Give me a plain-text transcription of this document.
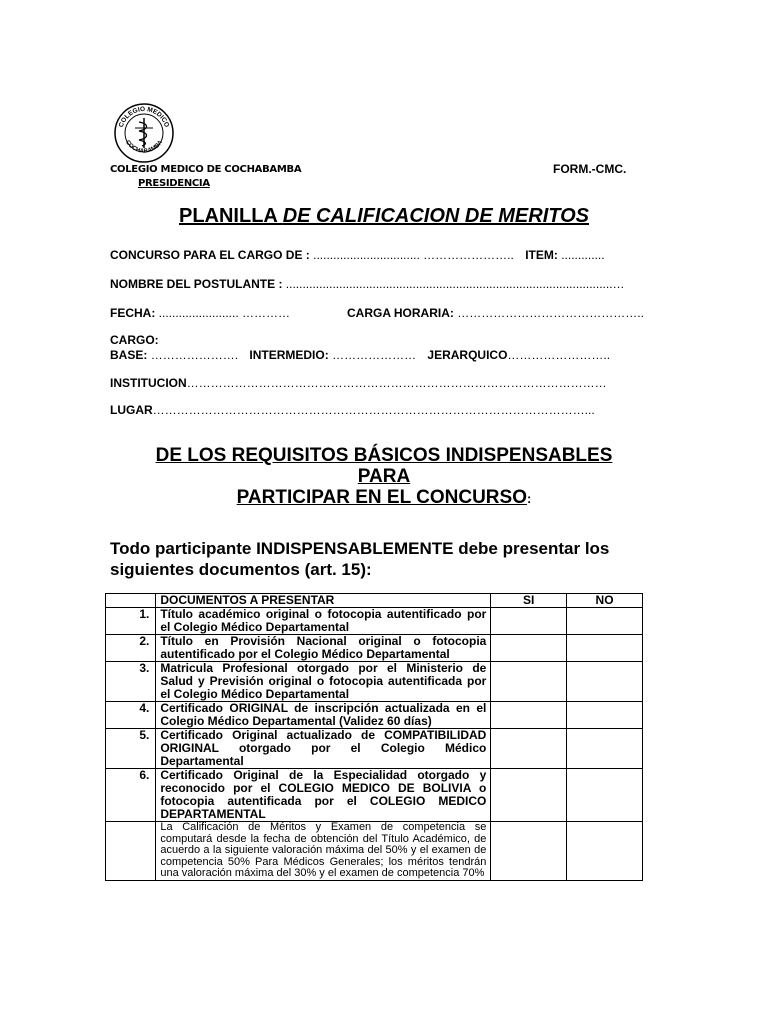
COLEGIO MEDICO
COCHABAMBA
COLEGIO MEDICO DE COCHABAMBA
PRESIDENCIA
FORM.-CMC.
PLANILLA DE CALIFICACION DE MERITOS
CONCURSO PARA EL CARGO DE : ................................ ………………….. ITEM: .............
NOMBRE DEL POSTULANTE : ..................................................................................................…
FECHA: ........................ …………	CARGA HORARIA: ………………………………………..
CARGO:
BASE: …………………. INTERMEDIO: ………………… JERARQUICO……………………..
INSTITUCION……………………………………………………………………………………………
LUGAR………………………………………………………………………………………………...
DE LOS REQUISITOS BÁSICOS INDISPENSABLES
PARA
PARTICIPAR EN EL CONCURSO:
Todo participante INDISPENSABLEMENTE debe presentar los siguientes documentos (art. 15):
	DOCUMENTOS A PRESENTAR	SI	NO
1.	Título académico original o fotocopia autentificado por el Colegio Médico Departamental		
2.	Título en Provisión Nacional original o fotocopia autentificado por el Colegio Médico Departamental		
3.	Matricula Profesional otorgado por el Ministerio de Salud y Previsión original o fotocopia autentificada por el Colegio Médico Departamental		
4.	Certificado ORIGINAL de inscripción actualizada en el Colegio Médico Departamental (Validez 60 días)		
5.	Certificado Original actualizado de COMPATIBILIDAD ORIGINAL otorgado por el Colegio Médico Departamental		
6.	Certificado Original de la Especialidad otorgado y reconocido por el COLEGIO MEDICO DE BOLIVIA o fotocopia autentificada por el COLEGIO MEDICO DEPARTAMENTAL		
	La Calificación de Méritos y Examen de competencia se computará desde la fecha de obtención del Título Académico, de acuerdo a la siguiente valoración máxima del 50% y el examen de competencia 50% Para Médicos Generales; los méritos tendrán una valoración máxima del 30% y el examen de competencia 70%		
